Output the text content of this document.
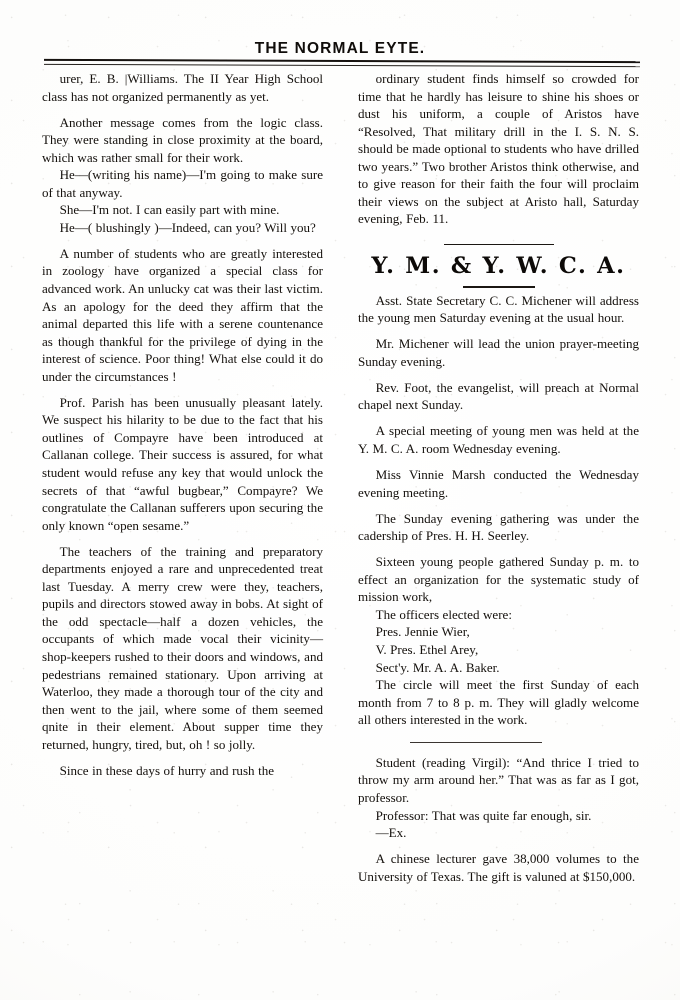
THE NORMAL EYTE.

urer, E. B. |Williams. The II Year High School class has not organized permanently as yet.

Another message comes from the logic class. They were standing in close proximity at the board, which was rather small for their work.

He—(writing his name)—I'm going to make sure of that anyway.

She—I'm not. I can easily part with mine.

He—( blushingly )—Indeed, can you? Will you?

A number of students who are greatly interested in zoology have organized a special class for advanced work. An unlucky cat was their last victim. As an apology for the deed they affirm that the animal departed this life with a serene countenance as though thankful for the privilege of dying in the interest of science. Poor thing! What else could it do under the circumstances !

Prof. Parish has been unusually pleasant lately. We suspect his hilarity to be due to the fact that his outlines of Compayre have been introduced at Callanan college. Their success is assured, for what student would refuse any key that would unlock the secrets of that “awful bugbear,” Compayre? We congratulate the Callanan sufferers upon securing the only known “open sesame.”

The teachers of the training and preparatory departments enjoyed a rare and unprecedented treat last Tuesday. A merry crew were they, teachers, pupils and directors stowed away in bobs. At sight of the odd spectacle—half a dozen vehicles, the occupants of which made vocal their vicinity— shop-keepers rushed to their doors and windows, and pedestrians remained stationary. Upon arriving at Waterloo, they made a thorough tour of the city and then went to the jail, where some of them seemed qnite in their element. About supper time they returned, hungry, tired, but, oh ! so jolly.

Since in these days of hurry and rush the

ordinary student finds himself so crowded for time that he hardly has leisure to shine his shoes or dust his uniform, a couple of Aristos have “Resolved, That military drill in the I. S. N. S. should be made optional to students who have drilled two years.” Two brother Aristos think otherwise, and to give reason for their faith the four will proclaim their views on the subject at Aristo hall, Saturday evening, Feb. 11.

Y. M. & Y. W. C. A.

Asst. State Secretary C. C. Michener will address the young men Saturday evening at the usual hour.

Mr. Michener will lead the union prayer-meeting Sunday evening.

Rev. Foot, the evangelist, will preach at Normal chapel next Sunday.

A special meeting of young men was held at the Y. M. C. A. room Wednesday evening.

Miss Vinnie Marsh conducted the Wednesday evening meeting.

The Sunday evening gathering was under the cadership of Pres. H. H. Seerley.

Sixteen young people gathered Sunday p. m. to effect an organization for the systematic study of mission work,

The officers elected were:

Pres. Jennie Wier,

V. Pres. Ethel Arey,

Sect'y. Mr. A. A. Baker.

The circle will meet the first Sunday of each month from 7 to 8 p. m. They will gladly welcome all others interested in the work.

Student (reading Virgil): “And thrice I tried to throw my arm around her.” That was as far as I got, professor.

Professor: That was quite far enough, sir.

—Ex.

A chinese lecturer gave 38,000 volumes to the University of Texas. The gift is valuned at $150,000.
